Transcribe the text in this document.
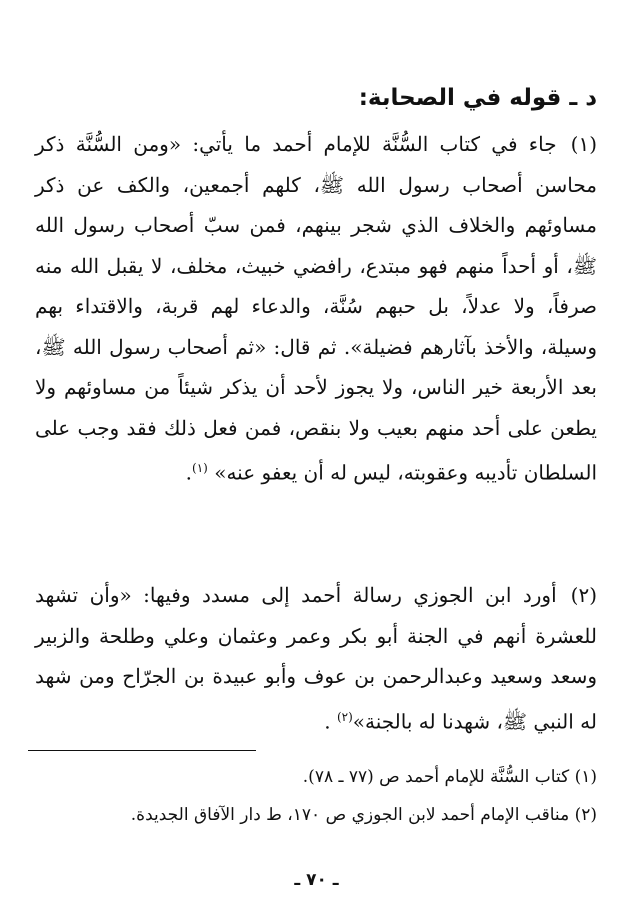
د ـ قوله في الصحابة:

(١)جاء في كتاب السُّنَّة للإمام أحمد ما يأتي: «ومن السُّنَّة ذكر محاسن أصحاب رسول الله ﷺ، كلهم أجمعين، والكف عن ذكر مساوئهم والخلاف الذي شجر بينهم، فمن سبّ أصحاب رسول الله ﷺ، أو أحداً منهم فهو مبتدع، رافضي خبيث، مخلف، لا يقبل الله منه صرفاً، ولا عدلاً، بل حبهم سُنَّة، والدعاء لهم قربة، والاقتداء بهم وسيلة، والأخذ بآثارهم فضيلة». ثم قال: «ثم أصحاب رسول الله ﷺ، بعد الأربعة خير الناس، ولا يجوز لأحد أن يذكر شيئاً من مساوئهم ولا يطعن على أحد منهم بعيب ولا بنقص، فمن فعل ذلك فقد وجب على السلطان تأديبه وعقوبته، ليس له أن يعفو عنه» $^{(١)}$.

(٢)أورد ابن الجوزي رسالة أحمد إلى مسدد وفيها: «وأن تشهد للعشرة أنهم في الجنة أبو بكر وعمر وعثمان وعلي وطلحة والزبير وسعد وسعيد وعبدالرحمن بن عوف وأبو عبيدة بن الجرّاح ومن شهد له النبي ﷺ، شهدنا له بالجنة»$^{(٢)}$ .

(١) كتاب السُّنَّة للإمام أحمد ص (٧٧ ـ ٧٨).
(٢) مناقب الإمام أحمد لابن الجوزي ص ١٧٠، ط دار الآفاق الجديدة.
ـ ٧٠ ـ
